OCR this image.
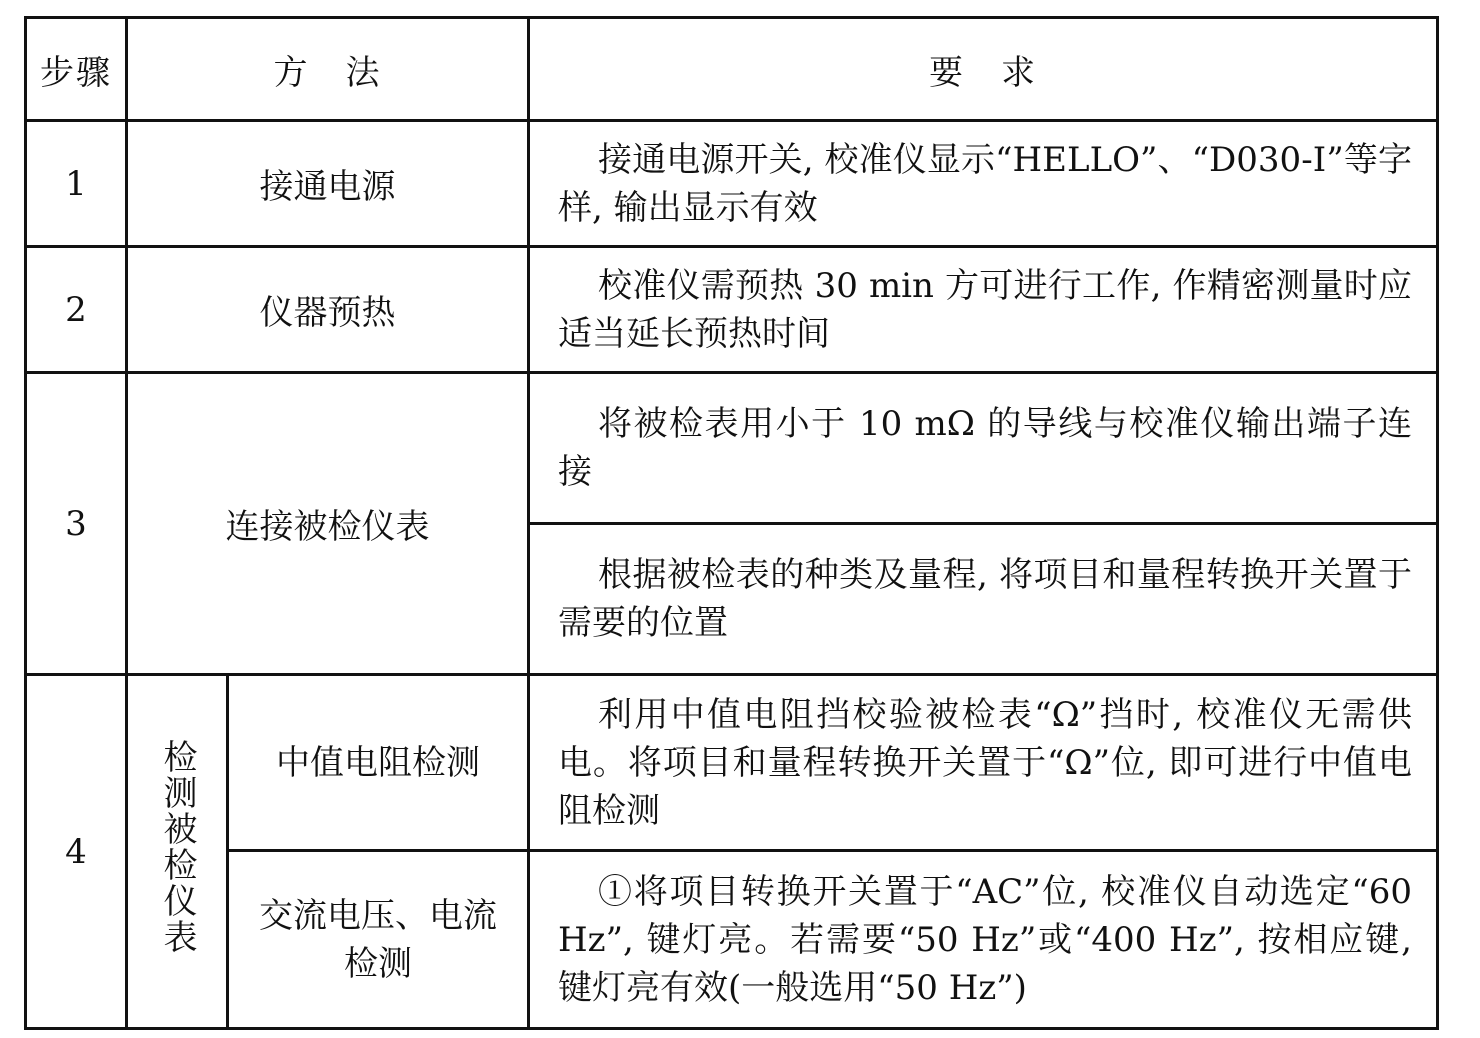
步骤	方　法		要　求
1	接通电源		接通电源开关, 校准仪显示“HELLO”、“D030-Ⅰ”等字样, 输出显示有效
2	仪器预热		校准仪需预热 30 min 方可进行工作, 作精密测量时应适当延长预热时间
3	连接被检仪表		将被检表用小于 10 mΩ 的导线与校准仪输出端子连接
			根据被检表的种类及量程, 将项目和量程转换开关置于需要的位置
4	检测被检仪表	中值电阻检测	利用中值电阻挡校验被检表“Ω”挡时, 校准仪无需供电。将项目和量程转换开关置于“Ω”位, 即可进行中值电阻检测
		交流电压、电流检测	①将项目转换开关置于“AC”位, 校准仪自动选定“60 Hz”, 键灯亮。若需要“50 Hz”或“400 Hz”, 按相应键, 键灯亮有效(一般选用“50 Hz”)
